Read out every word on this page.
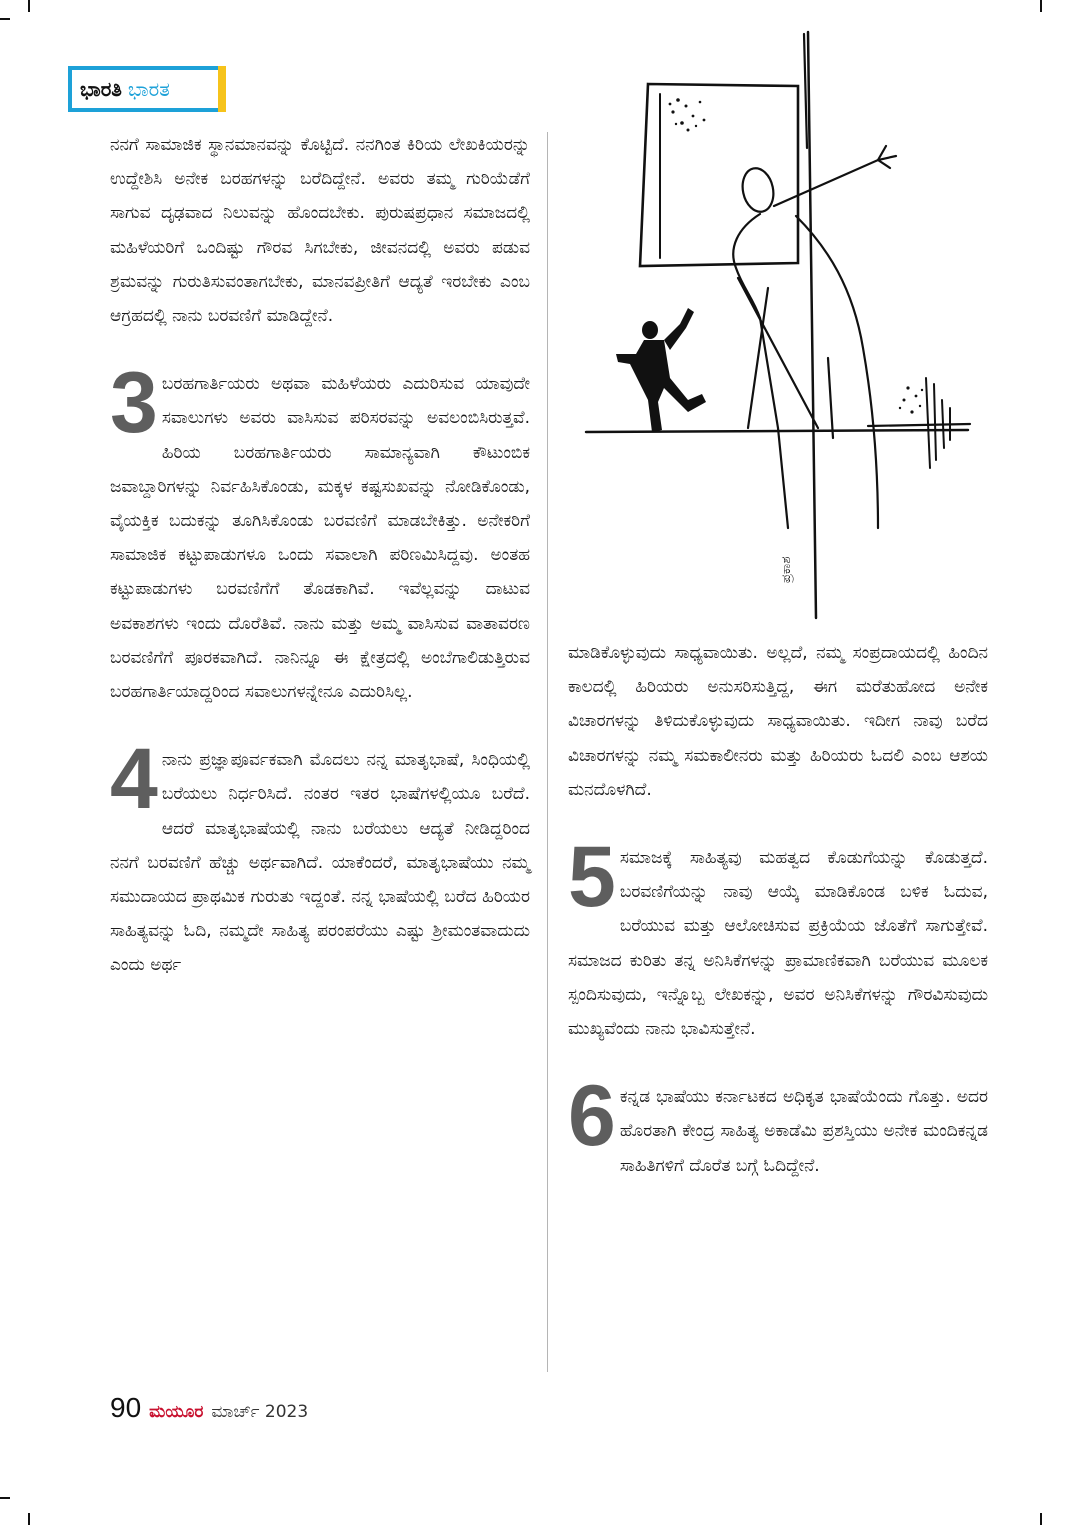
ಭಾರತಿ ಭಾರತ

ನನಗೆ ಸಾಮಾಜಿಕ ಸ್ಥಾನಮಾನವನ್ನು ಕೊಟ್ಟಿದೆ. ನನಗಿಂತ ಕಿರಿಯ ಲೇಖಕಿಯರನ್ನು ಉದ್ದೇಶಿಸಿ ಅನೇಕ ಬರಹಗಳನ್ನು ಬರೆದಿದ್ದೇನೆ. ಅವರು ತಮ್ಮ ಗುರಿಯೆಡೆಗೆ ಸಾಗುವ ದೃಢವಾದ ನಿಲುವನ್ನು ಹೊಂದಬೇಕು. ಪುರುಷಪ್ರಧಾನ ಸಮಾಜದಲ್ಲಿ ಮಹಿಳೆಯರಿಗೆ ಒಂದಿಷ್ಟು ಗೌರವ ಸಿಗಬೇಕು, ಜೀವನದಲ್ಲಿ ಅವರು ಪಡುವ ಶ್ರಮವನ್ನು ಗುರುತಿಸುವಂತಾಗಬೇಕು, ಮಾನವಪ್ರೀತಿಗೆ ಆದ್ಯತೆ ಇರಬೇಕು ಎಂಬ ಆಗ್ರಹದಲ್ಲಿ ನಾನು ಬರವಣಿಗೆ ಮಾಡಿದ್ದೇನೆ.

3 ಬರಹಗಾರ್ತಿಯರು ಅಥವಾ ಮಹಿಳೆಯರು ಎದುರಿಸುವ ಯಾವುದೇ ಸವಾಲುಗಳು ಅವರು ವಾಸಿಸುವ ಪರಿಸರವನ್ನು ಅವಲಂಬಿಸಿರುತ್ತವೆ. ಹಿರಿಯ ಬರಹಗಾರ್ತಿಯರು ಸಾಮಾನ್ಯವಾಗಿ ಕೌಟುಂಬಿಕ ಜವಾಬ್ದಾರಿಗಳನ್ನು ನಿರ್ವಹಿಸಿಕೊಂಡು, ಮಕ್ಕಳ ಕಷ್ಟಸುಖವನ್ನು ನೋಡಿಕೊಂಡು, ವೈಯಕ್ತಿಕ ಬದುಕನ್ನು ತೂಗಿಸಿಕೊಂಡು ಬರವಣಿಗೆ ಮಾಡಬೇಕಿತ್ತು. ಅನೇಕರಿಗೆ ಸಾಮಾಜಿಕ ಕಟ್ಟುಪಾಡುಗಳೂ ಒಂದು ಸವಾಲಾಗಿ ಪರಿಣಮಿಸಿದ್ದವು. ಅಂತಹ ಕಟ್ಟುಪಾಡುಗಳು ಬರವಣಿಗೆಗೆ ತೊಡಕಾಗಿವೆ. ಇವೆಲ್ಲವನ್ನು ದಾಟುವ ಅವಕಾಶಗಳು ಇಂದು ದೊರೆತಿವೆ. ನಾನು ಮತ್ತು ಅಮ್ಮ ವಾಸಿಸುವ ವಾತಾವರಣ ಬರವಣಿಗೆಗೆ ಪೂರಕವಾಗಿದೆ. ನಾನಿನ್ನೂ ಈ ಕ್ಷೇತ್ರದಲ್ಲಿ ಅಂಬೆಗಾಲಿಡುತ್ತಿರುವ ಬರಹಗಾರ್ತಿಯಾದ್ದರಿಂದ ಸವಾಲುಗಳನ್ನೇನೂ ಎದುರಿಸಿಲ್ಲ.

4 ನಾನು ಪ್ರಜ್ಞಾಪೂರ್ವಕವಾಗಿ ಮೊದಲು ನನ್ನ ಮಾತೃಭಾಷೆ, ಸಿಂಧಿಯಲ್ಲಿ ಬರೆಯಲು ನಿರ್ಧರಿಸಿದೆ. ನಂತರ ಇತರ ಭಾಷೆಗಳಲ್ಲಿಯೂ ಬರೆದೆ. ಆದರೆ ಮಾತೃಭಾಷೆಯಲ್ಲಿ ನಾನು ಬರೆಯಲು ಆದ್ಯತೆ ನೀಡಿದ್ದರಿಂದ ನನಗೆ ಬರವಣಿಗೆ ಹೆಚ್ಚು ಅರ್ಥವಾಗಿದೆ. ಯಾಕೆಂದರೆ, ಮಾತೃಭಾಷೆಯು ನಮ್ಮ ಸಮುದಾಯದ ಪ್ರಾಥಮಿಕ ಗುರುತು ಇದ್ದಂತೆ. ನನ್ನ ಭಾಷೆಯಲ್ಲಿ ಬರೆದ ಹಿರಿಯರ ಸಾಹಿತ್ಯವನ್ನು ಓದಿ, ನಮ್ಮದೇ ಸಾಹಿತ್ಯ ಪರಂಪರೆಯು ಎಷ್ಟು ಶ್ರೀಮಂತವಾದುದು ಎಂದು ಅರ್ಥ

ಪ್ರಕಾಶ

ಮಾಡಿಕೊಳ್ಳುವುದು ಸಾಧ್ಯವಾಯಿತು. ಅಲ್ಲದೆ, ನಮ್ಮ ಸಂಪ್ರದಾಯದಲ್ಲಿ ಹಿಂದಿನ ಕಾಲದಲ್ಲಿ ಹಿರಿಯರು ಅನುಸರಿಸುತ್ತಿದ್ದ, ಈಗ ಮರೆತುಹೋದ ಅನೇಕ ವಿಚಾರಗಳನ್ನು ತಿಳಿದುಕೊಳ್ಳುವುದು ಸಾಧ್ಯವಾಯಿತು. ಇದೀಗ ನಾವು ಬರೆದ ವಿಚಾರಗಳನ್ನು ನಮ್ಮ ಸಮಕಾಲೀನರು ಮತ್ತು ಹಿರಿಯರು ಓದಲಿ ಎಂಬ ಆಶಯ ಮನದೊಳಗಿದೆ.

5 ಸಮಾಜಕ್ಕೆ ಸಾಹಿತ್ಯವು ಮಹತ್ವದ ಕೊಡುಗೆಯನ್ನು ಕೊಡುತ್ತದೆ. ಬರವಣಿಗೆಯನ್ನು ನಾವು ಆಯ್ಕೆ ಮಾಡಿಕೊಂಡ ಬಳಿಕ ಓದುವ, ಬರೆಯುವ ಮತ್ತು ಆಲೋಚಿಸುವ ಪ್ರಕ್ರಿಯೆಯ ಜೊತೆಗೆ ಸಾಗುತ್ತೇವೆ. ಸಮಾಜದ ಕುರಿತು ತನ್ನ ಅನಿಸಿಕೆಗಳನ್ನು ಪ್ರಾಮಾಣಿಕವಾಗಿ ಬರೆಯುವ ಮೂಲಕ ಸ್ಪಂದಿಸುವುದು, ಇನ್ನೊಬ್ಬ ಲೇಖಕನ್ನು, ಅವರ ಅನಿಸಿಕೆಗಳನ್ನು ಗೌರವಿಸುವುದು ಮುಖ್ಯವೆಂದು ನಾನು ಭಾವಿಸುತ್ತೇನೆ.

6 ಕನ್ನಡ ಭಾಷೆಯು ಕರ್ನಾಟಕದ ಅಧಿಕೃತ ಭಾಷೆಯೆಂದು ಗೊತ್ತು. ಅದರ ಹೊರತಾಗಿ ಕೇಂದ್ರ ಸಾಹಿತ್ಯ ಅಕಾಡೆಮಿ ಪ್ರಶಸ್ತಿಯು ಅನೇಕ ಮಂದಿಕನ್ನಡ ಸಾಹಿತಿಗಳಿಗೆ ದೊರೆತ ಬಗ್ಗೆ ಓದಿದ್ದೇನೆ.

90 ಮಯೂರ ಮಾರ್ಚ್ 2023
